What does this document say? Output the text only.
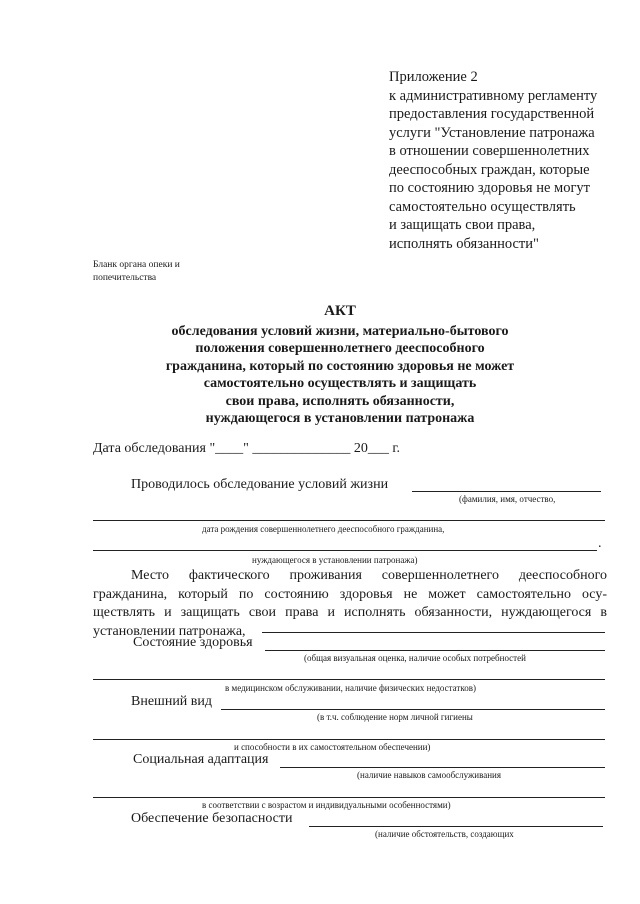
Приложение 2
к административному регламенту
предоставления государственной
услуги "Установление патронажа
в отношении совершеннолетних
дееспособных граждан, которые
по состоянию здоровья не могут
самостоятельно осуществлять
и защищать свои права,
исполнять обязанности"
Бланк органа опеки и
попечительства
АКТ
обследования условий жизни, материально-бытового
положения совершеннолетнего дееспособного
гражданина, который по состоянию здоровья не может
самостоятельно осуществлять и защищать
свои права, исполнять обязанности,
нуждающегося в установлении патронажа
Дата обследования "____" ______________ 20___ г.
Проводилось обследование условий жизни
(фамилия, имя, отчество,
дата рождения совершеннолетнего дееспособного гражданина,
.
нуждающегося в установлении патронажа)
Место фактического проживания совершеннолетнего дееспособного
гражданина, который по состоянию здоровья не может самостоятельно осу-
ществлять и защищать свои права и исполнять обязанности, нуждающегося в
установлении патронажа,
Состояние здоровья
(общая визуальная оценка, наличие особых потребностей
в медицинском обслуживании, наличие физических недостатков)
Внешний вид
(в т.ч. соблюдение норм личной гигиены
и способности в их самостоятельном обеспечении)
Социальная адаптация
(наличие навыков самообслуживания
в соответствии с возрастом и индивидуальными особенностями)
Обеспечение безопасности
(наличие обстоятельств, создающих
